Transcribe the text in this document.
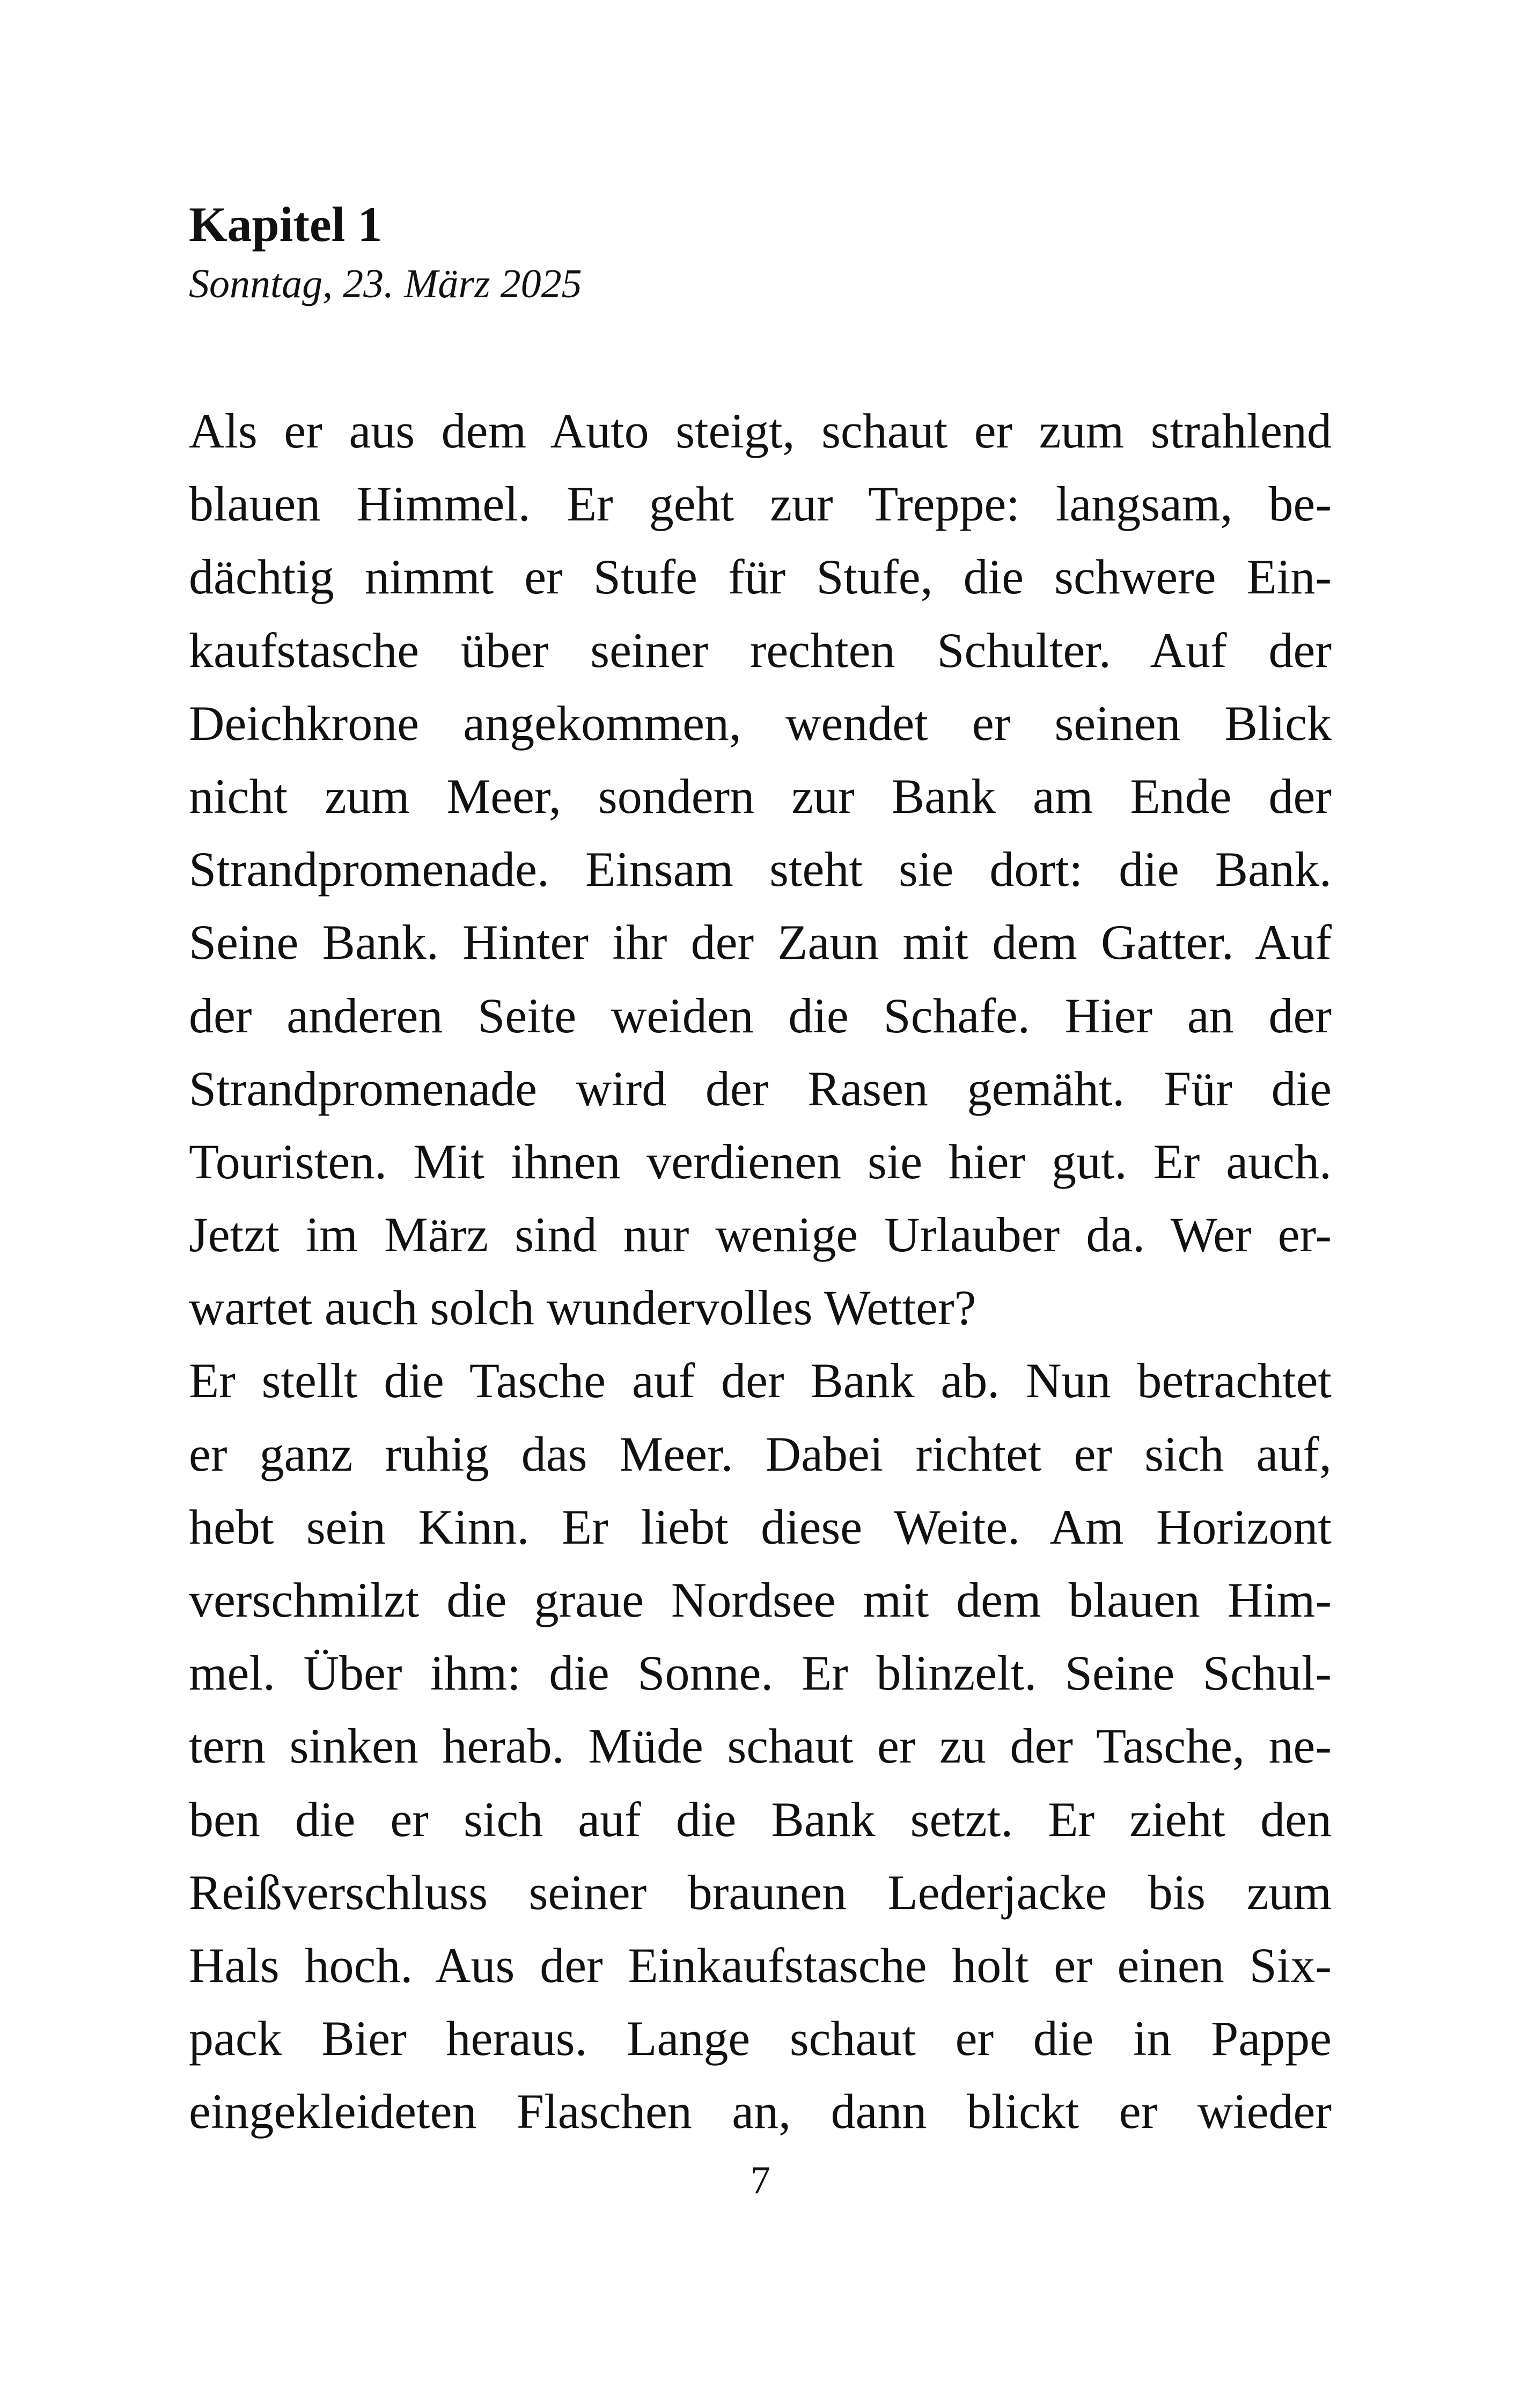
Kapitel 1

Sonntag, 23. März 2025

Als er aus dem Auto steigt, schaut er zum strahlend
blauen Himmel. Er geht zur Treppe: langsam, be-
dächtig nimmt er Stufe für Stufe, die schwere Ein-
kaufstasche über seiner rechten Schulter. Auf der
Deichkrone angekommen, wendet er seinen Blick
nicht zum Meer, sondern zur Bank am Ende der
Strandpromenade. Einsam steht sie dort: die Bank.
Seine Bank. Hinter ihr der Zaun mit dem Gatter. Auf
der anderen Seite weiden die Schafe. Hier an der
Strandpromenade wird der Rasen gemäht. Für die
Touristen. Mit ihnen verdienen sie hier gut. Er auch.
Jetzt im März sind nur wenige Urlauber da. Wer er-
wartet auch solch wundervolles Wetter?
Er stellt die Tasche auf der Bank ab. Nun betrachtet
er ganz ruhig das Meer. Dabei richtet er sich auf,
hebt sein Kinn. Er liebt diese Weite. Am Horizont
verschmilzt die graue Nordsee mit dem blauen Him-
mel. Über ihm: die Sonne. Er blinzelt. Seine Schul-
tern sinken herab. Müde schaut er zu der Tasche, ne-
ben die er sich auf die Bank setzt. Er zieht den
Reißverschluss seiner braunen Lederjacke bis zum
Hals hoch. Aus der Einkaufstasche holt er einen Six-
pack Bier heraus. Lange schaut er die in Pappe
eingekleideten Flaschen an, dann blickt er wieder
7
